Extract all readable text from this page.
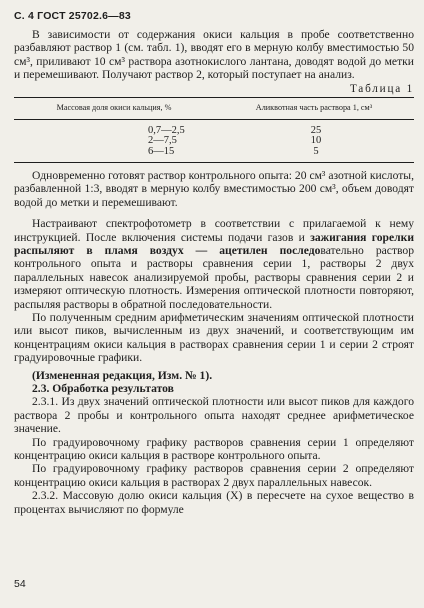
С. 4 ГОСТ 25702.6—83

В зависимости от содержания окиси кальция в пробе соответственно разбавляют раствор 1 (см. табл. 1), вводят его в мерную колбу вместимостью 50 см³, приливают 10 см³ раствора азотнокислого лантана, доводят водой до метки и перемешивают. Получают раствор 2, который поступает на анализ.

Таблица 1
Массовая доля окиси кальция, %	Аликвотная часть раствора 1, см³
0,7—2,5
2—7,5
6—15
25
10
5

Одновременно готовят раствор контрольного опыта: 20 см³ азотной кислоты, разбавленной 1:3, вводят в мерную колбу вместимостью 200 см³, объем доводят водой до метки и перемешивают.

Настраивают спектрофотометр в соответствии с прилагаемой к нему инструкцией. После включения системы подачи газов и зажигания горелки распыляют в пламя воздух — ацетилен последовательно раствор контрольного опыта и растворы сравнения серии 1, растворы 2 двух параллельных навесок анализируемой пробы, растворы сравнения серии 2 и измеряют оптическую плотность. Измерения оптической плотности повторяют, распыляя растворы в обратной последовательности.

По полученным средним арифметическим значениям оптической плотности или высот пиков, вычисленным из двух значений, и соответствующим им концентрациям окиси кальция в растворах сравнения серии 1 и серии 2 строят градуировочные графики.

(Измененная редакция, Изм. № 1).

2.3. Обработка результатов

2.3.1. Из двух значений оптической плотности или высот пиков для каждого раствора 2 пробы и контрольного опыта находят среднее арифметическое значение.

По градуировочному графику растворов сравнения серии 1 определяют концентрацию окиси кальция в растворе контрольного опыта.

По градуировочному графику растворов сравнения серии 2 определяют концентрацию окиси кальция в растворах 2 двух параллельных навесок.

2.3.2. Массовую долю окиси кальция (X) в пересчете на сухое вещество в процентах вычисляют по формуле

54
